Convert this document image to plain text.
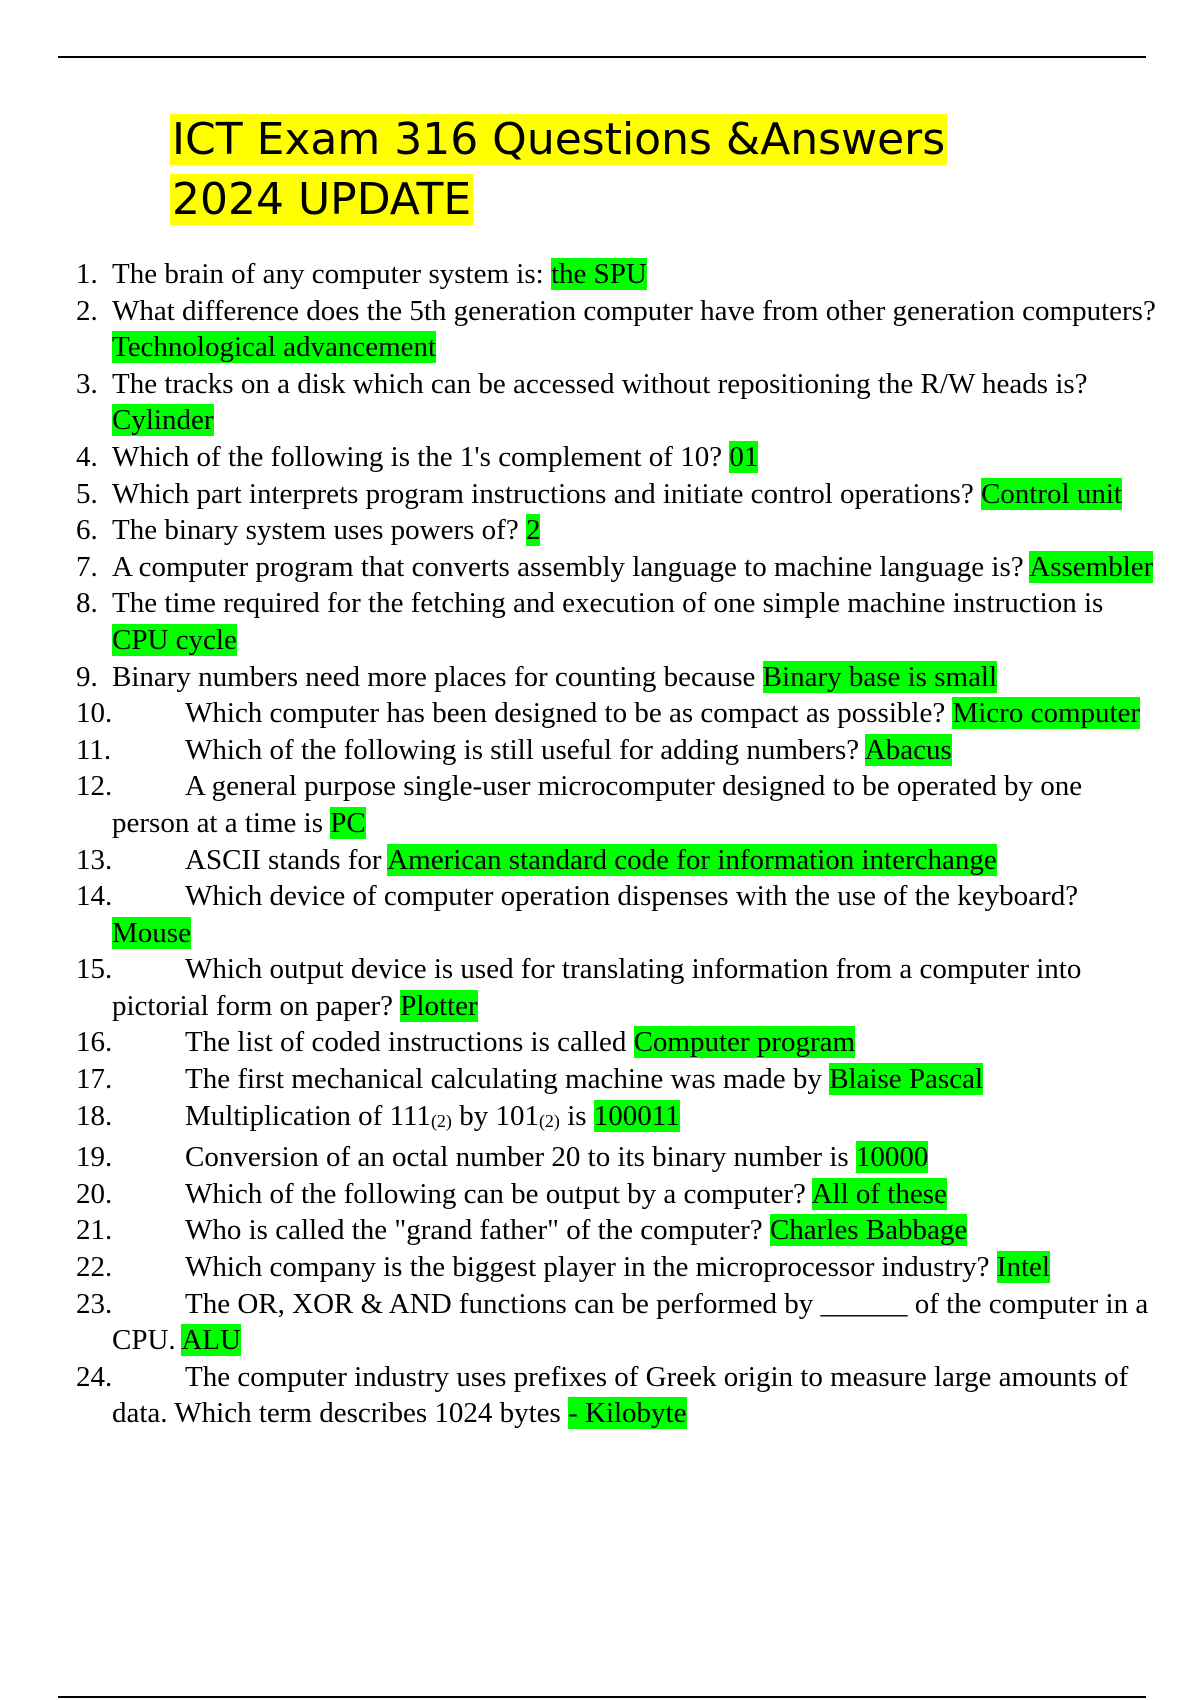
ICT Exam 316 Questions &Answers
2024 UPDATE
1. The brain of any computer system is: the SPU
2. What difference does the 5th generation computer have from other generation computers? Technological advancement
3. The tracks on a disk which can be accessed without repositioning the R/W heads is? Cylinder
4. Which of the following is the 1's complement of 10? 01
5. Which part interprets program instructions and initiate control operations? Control unit
6. The binary system uses powers of? 2
7. A computer program that converts assembly language to machine language is? Assembler
8. The time required for the fetching and execution of one simple machine instruction is CPU cycle
9. Binary numbers need more places for counting because Binary base is small
10.	Which computer has been designed to be as compact as possible? Micro computer
11.	Which of the following is still useful for adding numbers? Abacus
12.	A general purpose single-user microcomputer designed to be operated by one person at a time is PC
13.	ASCII stands for American standard code for information interchange
14.	Which device of computer operation dispenses with the use of the keyboard? Mouse
15.	Which output device is used for translating information from a computer into pictorial form on paper? Plotter
16.	The list of coded instructions is called Computer program
17.	The first mechanical calculating machine was made by Blaise Pascal
18.	Multiplication of $111_{(2)}$ by $101_{(2)}$ is 100011
19.	Conversion of an octal number 20 to its binary number is 10000
20.	Which of the following can be output by a computer? All of these
21.	Who is called the "grand father" of the computer? Charles Babbage
22.	Which company is the biggest player in the microprocessor industry? Intel
23.	The OR, XOR & AND functions can be performed by ______ of the computer in a CPU. ALU
24.	The computer industry uses prefixes of Greek origin to measure large amounts of data. Which term describes 1024 bytes - Kilobyte
